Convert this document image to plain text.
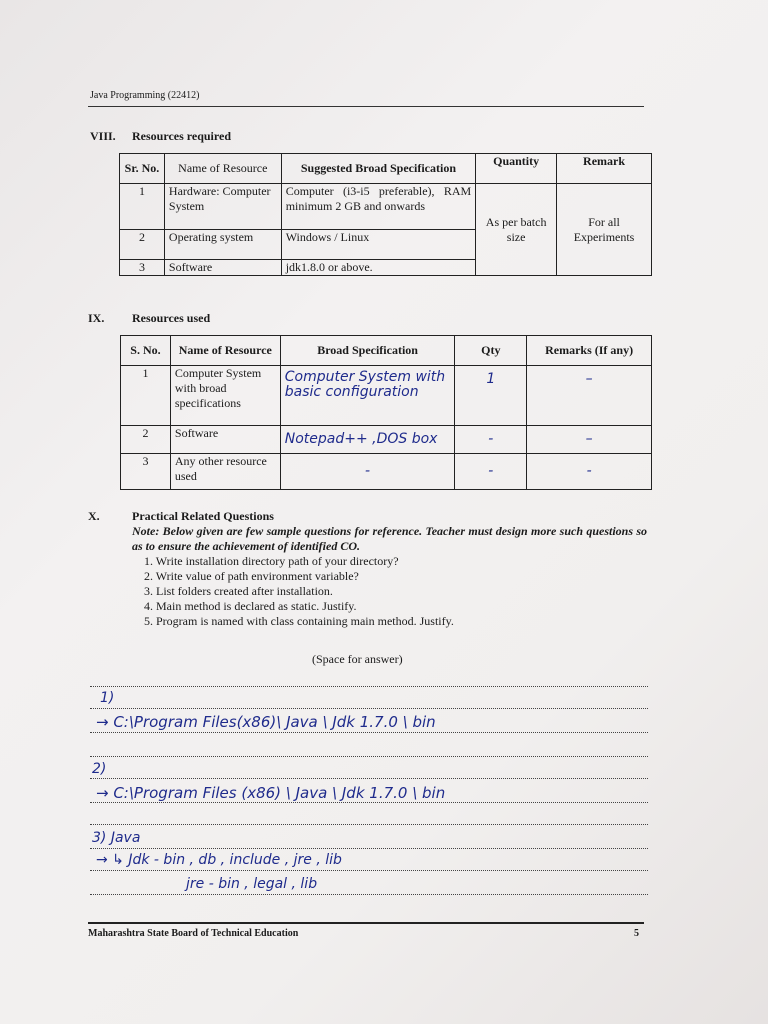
Java Programming (22412)
VIII. Resources required
Sr. No.	Name of Resource	Suggested Broad Specification	Quantity	Remark
1	Hardware: Computer System	Computer (i3-i5 preferable), RAM minimum 2 GB and onwards	As per batch size	For all Experiments
2	Operating system	Windows / Linux		
3	Software	jdk1.8.0 or above.		
IX. Resources used
S. No.	Name of Resource	Broad Specification	Qty	Remarks (If any)
1	Computer System with broad specifications	Computer System with basic configuration	1	–
2	Software	Notepad++ ,DOS box	-	–
3	Any other resource used	-	-	-
X.	Practical Related Questions
Note: Below given are few sample questions for reference. Teacher must design more such questions so as to ensure the achievement of identified CO.
1. Write installation directory path of your directory?
2. Write value of path environment variable?
3. List folders created after installation.
4. Main method is declared as static. Justify.
5. Program is named with class containing main method. Justify.
(Space for answer)
1)
→ C:\Program Files(x86)\ Java \ Jdk 1.7.0 \ bin
2)
→ C:\Program Files (x86) \ Java \ Jdk 1.7.0 \ bin
3) Java
→ ↳ Jdk - bin , db , include , jre , lib
jre - bin , legal , lib
Maharashtra State Board of Technical Education	5
